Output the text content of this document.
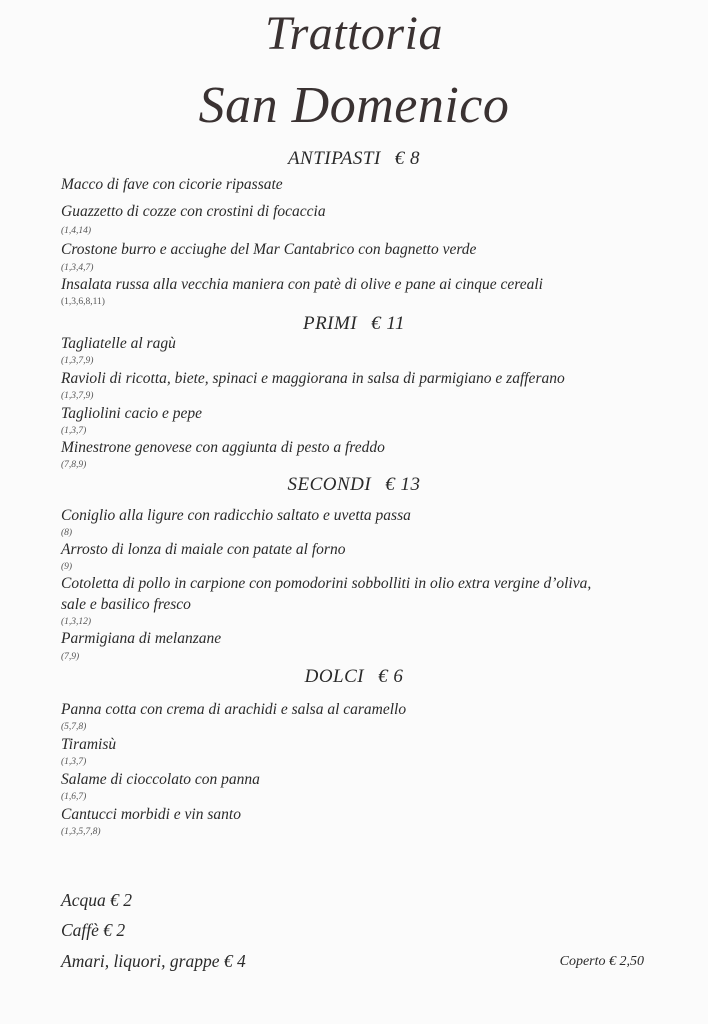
Trattoria
San Domenico
ANTIPASTI € 8
Macco di fave con cicorie ripassate
Guazzetto di cozze con crostini di focaccia
(1,4,14)
Crostone burro e acciughe del Mar Cantabrico con bagnetto verde
(1,3,4,7)
Insalata russa alla vecchia maniera con patè di olive e pane ai cinque cereali
(1,3,6,8,11)
PRIMI € 11
Tagliatelle al ragù
(1,3,7,9)
Ravioli di ricotta, biete, spinaci e maggiorana in salsa di parmigiano e zafferano
(1,3,7,9)
Tagliolini cacio e pepe
(1,3,7)
Minestrone genovese con aggiunta di pesto a freddo
(7,8,9)
SECONDI € 13
Coniglio alla ligure con radicchio saltato e uvetta passa
(8)
Arrosto di lonza di maiale con patate al forno
(9)
Cotoletta di pollo in carpione con pomodorini sobbolliti in olio extra vergine d’oliva,
sale e basilico fresco
(1,3,12)
Parmigiana di melanzane
(7,9)
DOLCI € 6
Panna cotta con crema di arachidi e salsa al caramello
(5,7,8)
Tiramisù
(1,3,7)
Salame di cioccolato con panna
(1,6,7)
Cantucci morbidi e vin santo
(1,3,5,7,8)
Acqua € 2
Caffè € 2
Amari, liquori, grappe € 4	Coperto € 2,50
